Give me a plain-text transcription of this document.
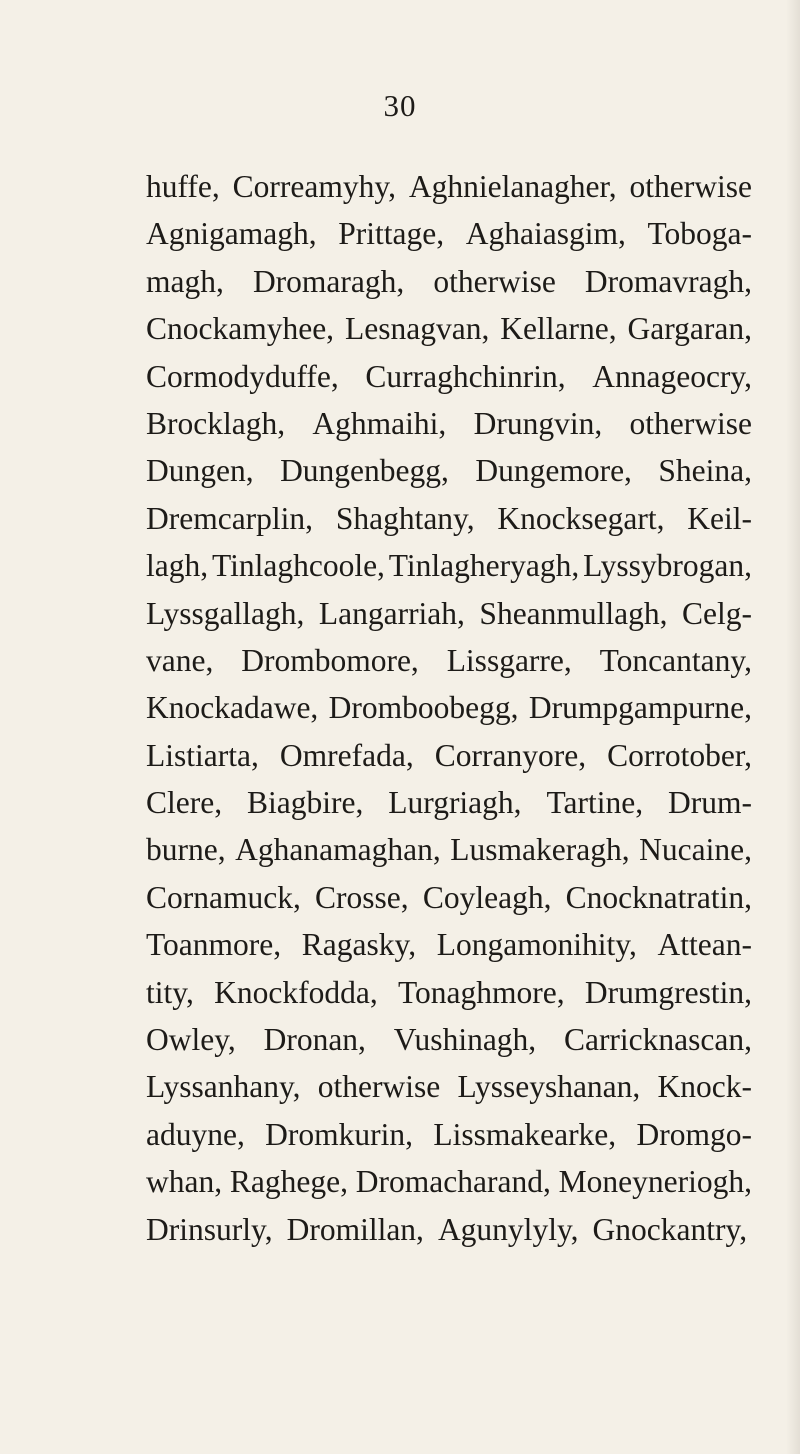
30
huffe, Correamyhy, Aghnielanagher, otherwise
Agnigamagh, Prittage, Aghaiasgim, Toboga-
magh, Dromaragh, otherwise Dromavragh,
Cnockamyhee, Lesnagvan, Kellarne, Gargaran,
Cormodyduffe, Curraghchinrin, Annageocry,
Brocklagh, Aghmaihi, Drungvin, otherwise
Dungen, Dungenbegg, Dungemore, Sheina,
Dremcarplin, Shaghtany, Knocksegart, Keil-
lagh, Tinlaghcoole, Tinlagheryagh, Lyssybrogan,
Lyssgallagh, Langarriah, Sheanmullagh, Celg-
vane, Drombomore, Lissgarre, Toncantany,
Knockadawe, Dromboobegg, Drumpgampurne,
Listiarta, Omrefada, Corranyore, Corrotober,
Clere, Biagbire, Lurgriagh, Tartine, Drum-
burne, Aghanamaghan, Lusmakeragh, Nucaine,
Cornamuck, Crosse, Coyleagh, Cnocknatratin,
Toanmore, Ragasky, Longamonihity, Attean-
tity, Knockfodda, Tonaghmore, Drumgrestin,
Owley, Dronan, Vushinagh, Carricknascan,
Lyssanhany, otherwise Lysseyshanan, Knock-
aduyne, Dromkurin, Lissmakearke, Dromgo-
whan, Raghege, Dromacharand, Moneyneriogh,
Drinsurly, Dromillan, Agunylyly, Gnockantry,
